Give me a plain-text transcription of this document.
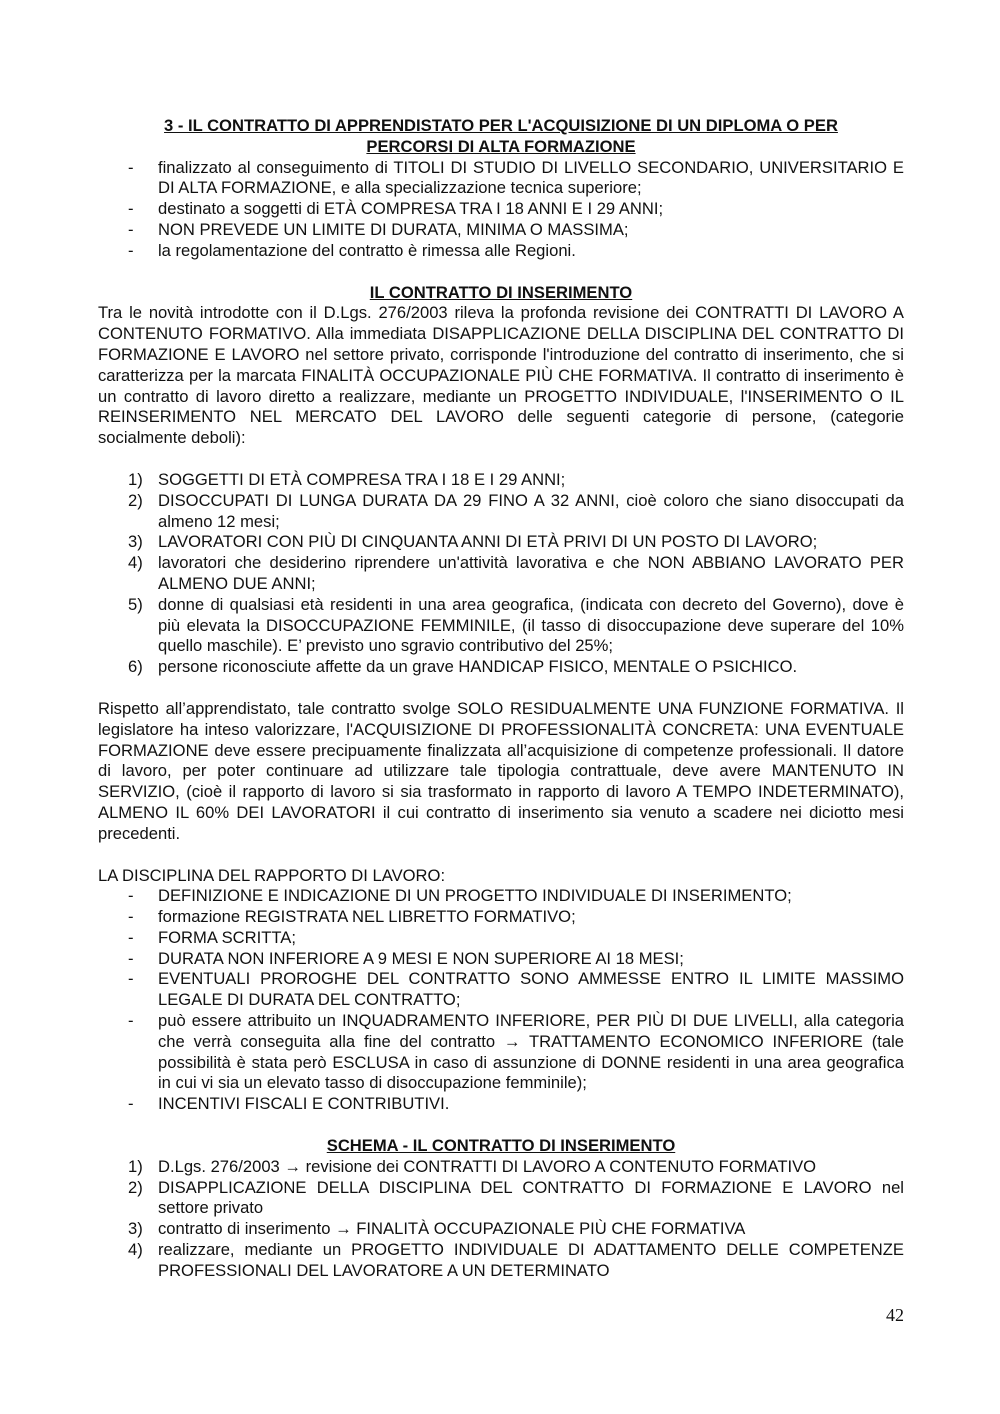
3 - IL CONTRATTO DI APPRENDISTATO PER L'ACQUISIZIONE DI UN DIPLOMA O PER
PERCORSI DI ALTA FORMAZIONE
- finalizzato al conseguimento di TITOLI DI STUDIO DI LIVELLO SECONDARIO, UNIVERSITARIO E DI ALTA FORMAZIONE, e alla specializzazione tecnica superiore;
- destinato a soggetti di ETÀ COMPRESA TRA I 18 ANNI E I 29 ANNI;
- NON PREVEDE UN LIMITE DI DURATA, MINIMA O MASSIMA;
- la regolamentazione del contratto è rimessa alle Regioni.
IL CONTRATTO DI INSERIMENTO
Tra le novità introdotte con il D.Lgs. 276/2003 rileva la profonda revisione dei CONTRATTI DI LAVORO A CONTENUTO FORMATIVO. Alla immediata DISAPPLICAZIONE DELLA DISCIPLINA DEL CONTRATTO DI FORMAZIONE E LAVORO nel settore privato, corrisponde l'introduzione del contratto di inserimento, che si caratterizza per la marcata FINALITÀ OCCUPAZIONALE PIÙ CHE FORMATIVA. Il contratto di inserimento è un contratto di lavoro diretto a realizzare, mediante un PROGETTO INDIVIDUALE, l'INSERIMENTO O IL REINSERIMENTO NEL MERCATO DEL LAVORO delle seguenti categorie di persone, (categorie socialmente deboli):
1) SOGGETTI DI ETÀ COMPRESA TRA I 18 E I 29 ANNI;
2) DISOCCUPATI DI LUNGA DURATA DA 29 FINO A 32 ANNI, cioè coloro che siano disoccupati da almeno 12 mesi;
3) LAVORATORI CON PIÙ DI CINQUANTA ANNI DI ETÀ PRIVI DI UN POSTO DI LAVORO;
4) lavoratori che desiderino riprendere un'attività lavorativa e che NON ABBIANO LAVORATO PER ALMENO DUE ANNI;
5) donne di qualsiasi età residenti in una area geografica, (indicata con decreto del Governo), dove è più elevata la DISOCCUPAZIONE FEMMINILE, (il tasso di disoccupazione deve superare del 10% quello maschile). E’ previsto uno sgravio contributivo del 25%;
6) persone riconosciute affette da un grave HANDICAP FISICO, MENTALE O PSICHICO.
Rispetto all’apprendistato, tale contratto svolge SOLO RESIDUALMENTE UNA FUNZIONE FORMATIVA. Il legislatore ha inteso valorizzare, l'ACQUISIZIONE DI PROFESSIONALITÀ CONCRETA: UNA EVENTUALE FORMAZIONE deve essere precipuamente finalizzata all’acquisizione di competenze professionali. Il datore di lavoro, per poter continuare ad utilizzare tale tipologia contrattuale, deve avere MANTENUTO IN SERVIZIO, (cioè il rapporto di lavoro si sia trasformato in rapporto di lavoro A TEMPO INDETERMINATO), ALMENO IL 60% DEI LAVORATORI il cui contratto di inserimento sia venuto a scadere nei diciotto mesi precedenti.
LA DISCIPLINA DEL RAPPORTO DI LAVORO:
- DEFINIZIONE E INDICAZIONE DI UN PROGETTO INDIVIDUALE DI INSERIMENTO;
- formazione REGISTRATA NEL LIBRETTO FORMATIVO;
- FORMA SCRITTA;
- DURATA NON INFERIORE A 9 MESI E NON SUPERIORE AI 18 MESI;
- EVENTUALI PROROGHE DEL CONTRATTO SONO AMMESSE ENTRO IL LIMITE MASSIMO LEGALE DI DURATA DEL CONTRATTO;
- può essere attribuito un INQUADRAMENTO INFERIORE, PER PIÙ DI DUE LIVELLI, alla categoria che verrà conseguita alla fine del contratto → TRATTAMENTO ECONOMICO INFERIORE (tale possibilità è stata però ESCLUSA in caso di assunzione di DONNE residenti in una area geografica in cui vi sia un elevato tasso di disoccupazione femminile);
- INCENTIVI FISCALI E CONTRIBUTIVI.
SCHEMA - IL CONTRATTO DI INSERIMENTO
1) D.Lgs. 276/2003 → revisione dei CONTRATTI DI LAVORO A CONTENUTO FORMATIVO
2) DISAPPLICAZIONE DELLA DISCIPLINA DEL CONTRATTO DI FORMAZIONE E LAVORO nel settore privato
3) contratto di inserimento → FINALITÀ OCCUPAZIONALE PIÙ CHE FORMATIVA
4) realizzare, mediante un PROGETTO INDIVIDUALE DI ADATTAMENTO DELLE COMPETENZE PROFESSIONALI DEL LAVORATORE A UN DETERMINATO
42
